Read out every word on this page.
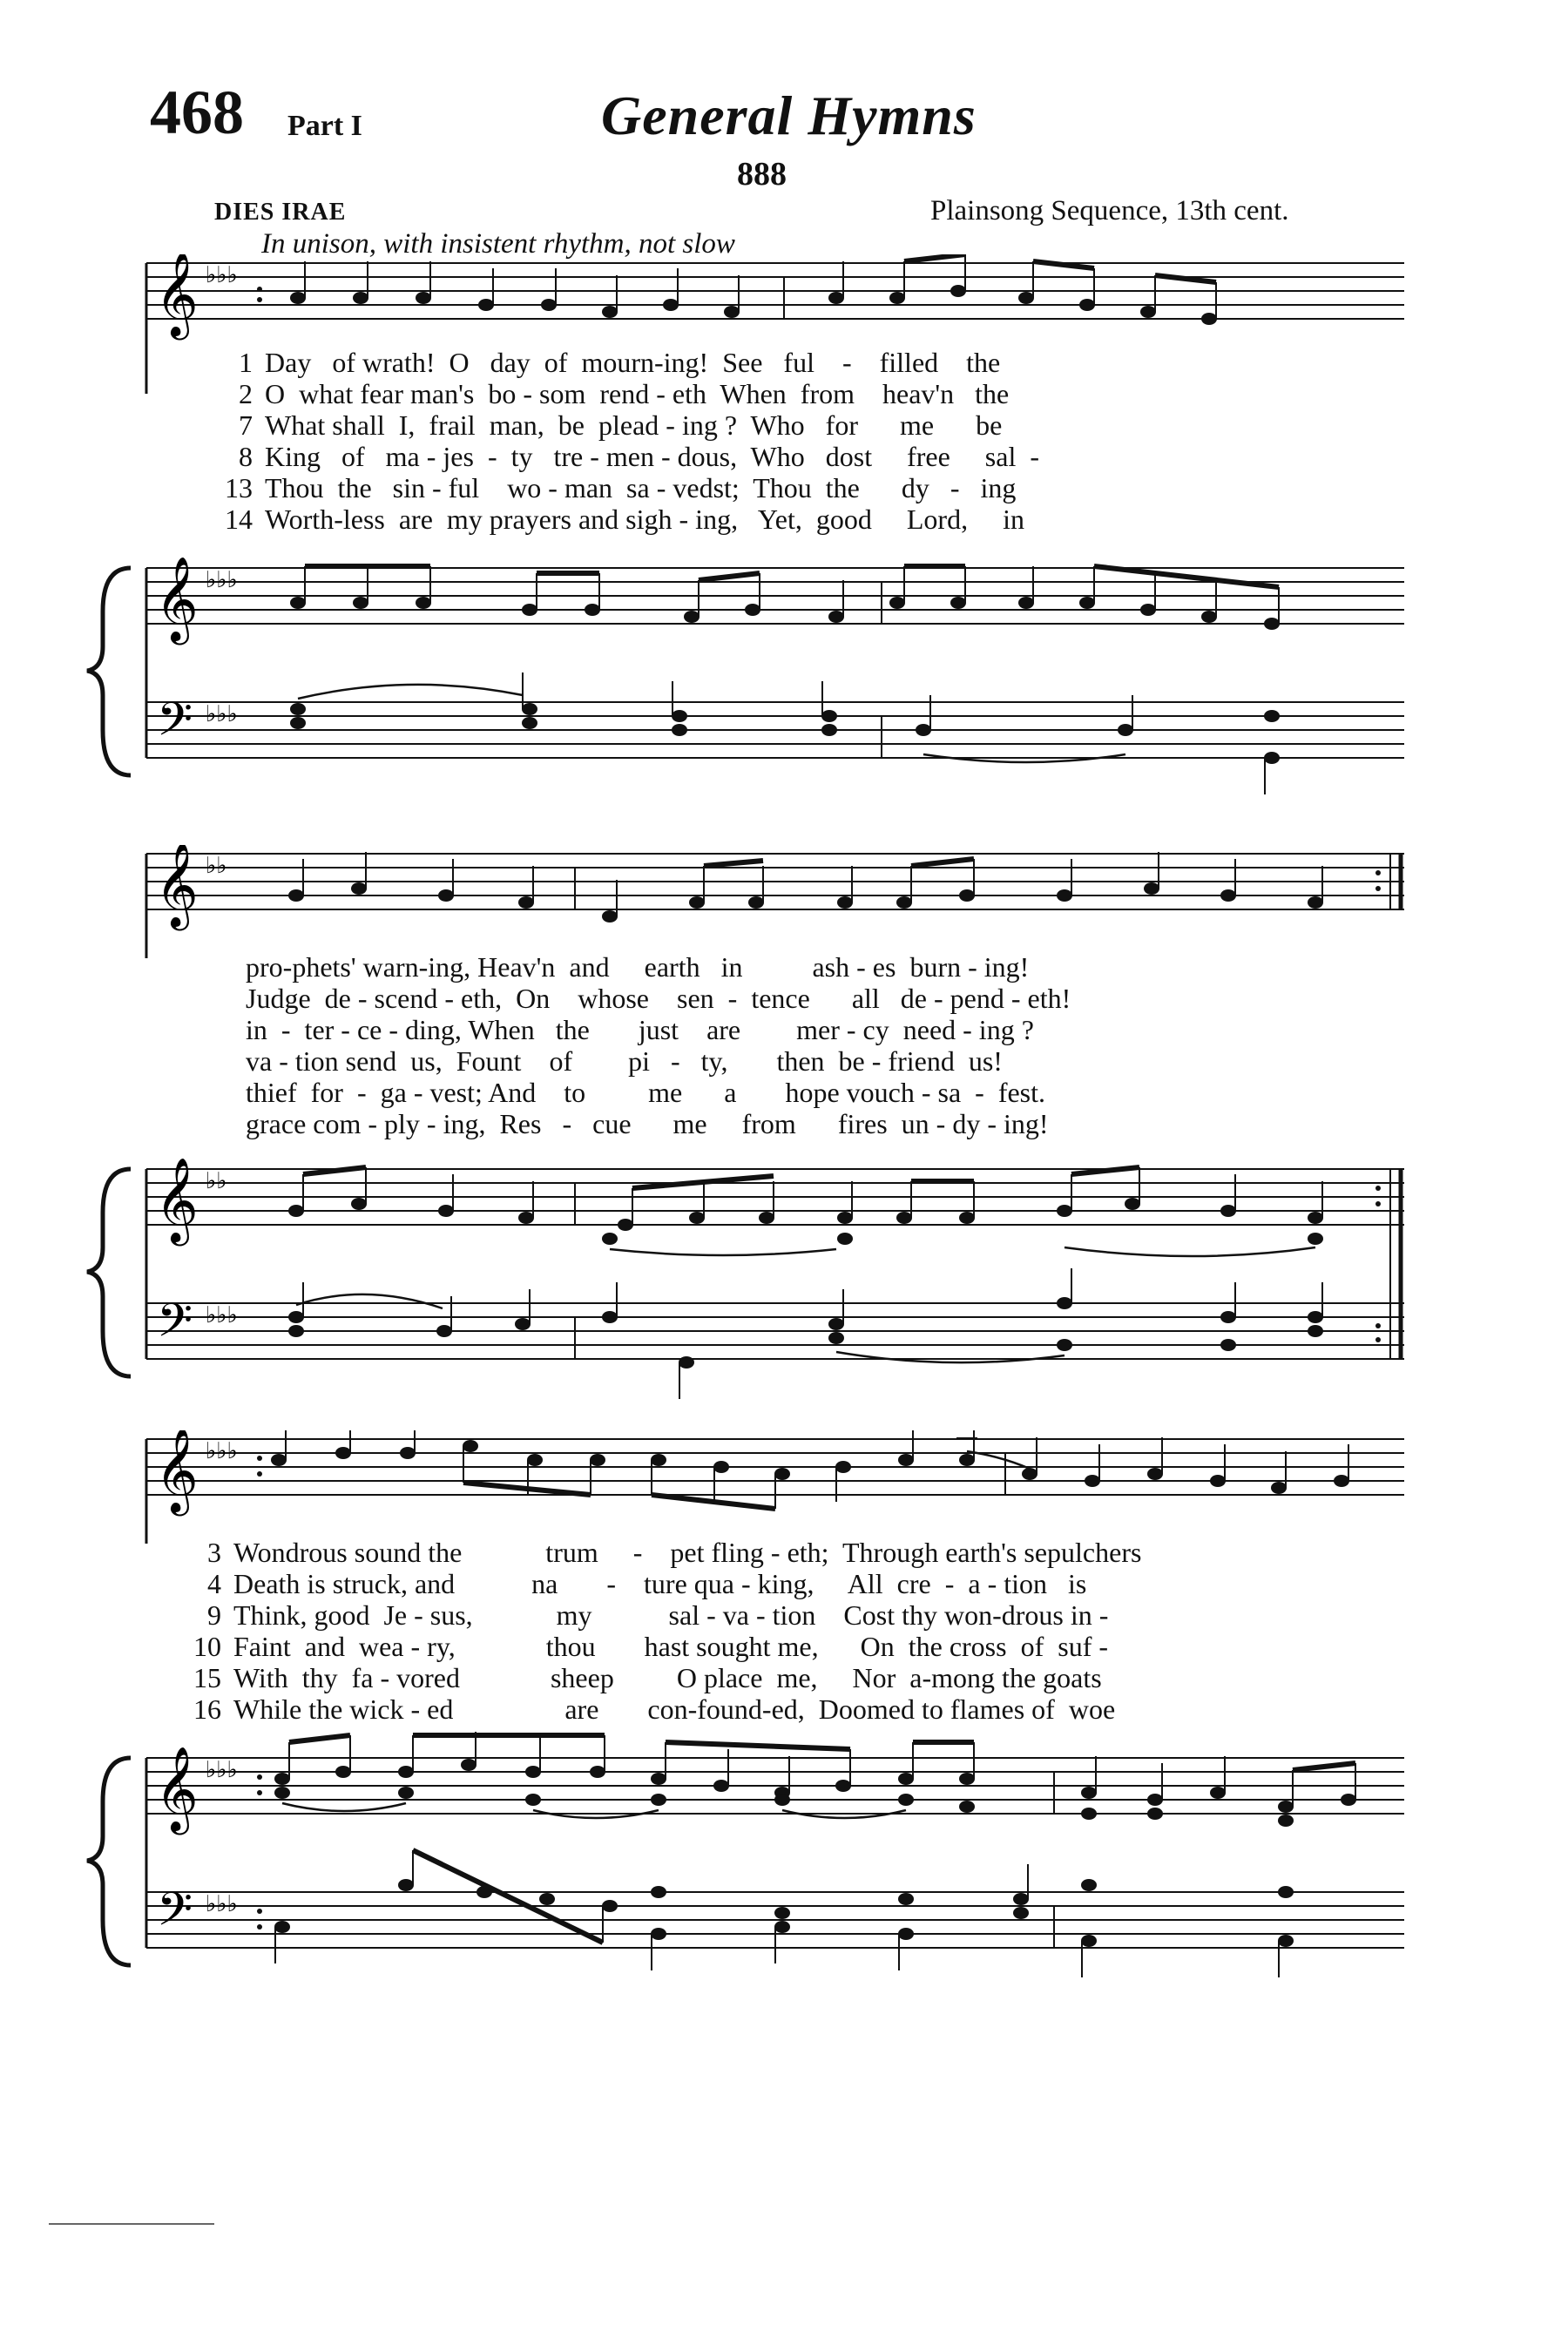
468 Part I	General Hymns
888
DIES IRAE	Plainsong Sequence, 13th cent.
In unison, with insistent rhythm, not slow
𝄞 ♭♭♭
1 Day   of wrath!  O   day  of  mourn-ing!  See   ful    -    filled    the
2 O  what fear man's  bo - som  rend - eth  When  from    heav'n   the
7 What shall  I,  frail  man,  be  plead - ing ?  Who   for      me      be
8 King   of   ma - jes  -  ty   tre - men - dous,  Who   dost     free     sal  -
13 Thou  the   sin - ful    wo - man  sa - vedst;  Thou  the      dy   -   ing
14 Worth-less  are  my prayers and sigh - ing,   Yet,  good     Lord,     in
𝄞 ♭♭♭
𝄢 ♭♭♭
𝄞 ♭♭
pro-phets' warn-ing, Heav'n  and     earth   in          ash - es  burn - ing!
Judge  de - scend - eth,  On    whose    sen  -  tence      all   de - pend - eth!
in  -  ter - ce - ding, When   the       just    are        mer - cy  need - ing ?
va - tion send  us,  Fount    of        pi   -   ty,       then  be - friend  us!
thief  for  -  ga - vest; And    to         me      a       hope vouch - sa  -  fest.
grace com - ply - ing,  Res   -   cue      me     from      fires  un - dy - ing!
𝄞 ♭♭
𝄢 ♭♭♭
𝄞 ♭♭♭
3 Wondrous sound the            trum     -    pet fling - eth;  Through earth's sepulchers
4 Death is struck, and           na       -    ture qua - king,     All  cre  -  a - tion   is
9 Think, good  Je - sus,            my           sal - va - tion    Cost thy won-drous in -
10 Faint  and  wea - ry,             thou       hast sought me,      On  the cross  of  suf -
15 With  thy  fa - vored             sheep         O place  me,     Nor  a-mong the goats
16 While the wick - ed                are       con-found-ed,  Doomed to flames of  woe
𝄞 ♭♭♭
𝄢 ♭♭♭
